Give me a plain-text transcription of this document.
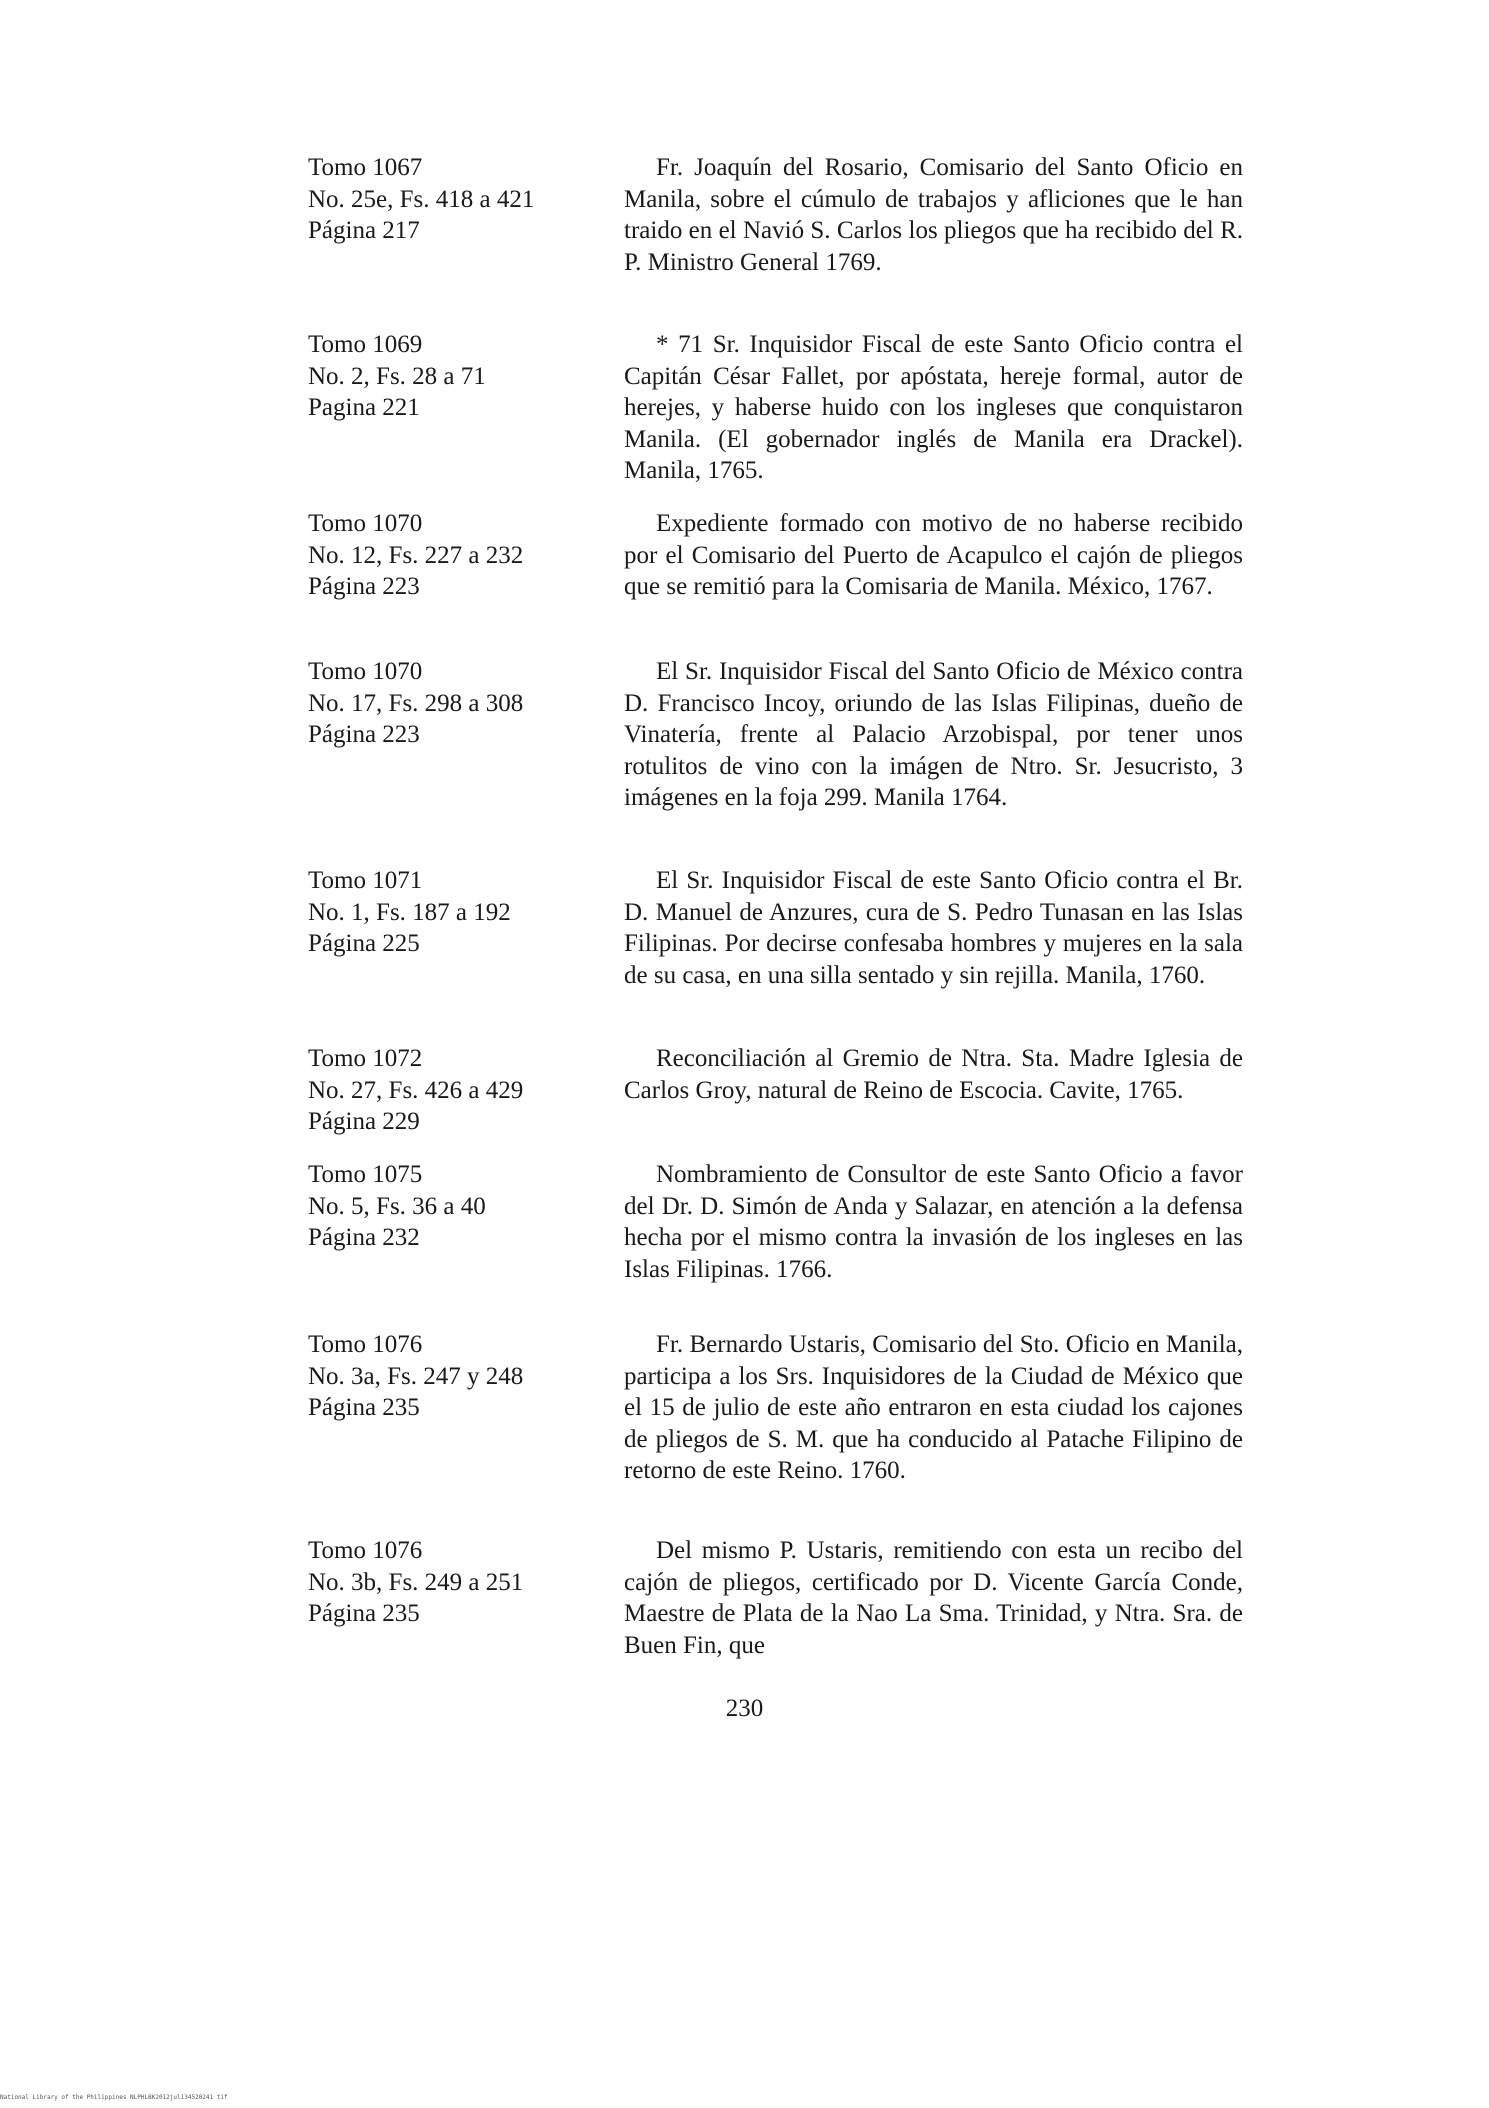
Tomo 1067
No. 25e, Fs. 418 a 421
Página 217
Fr. Joaquín del Rosario, Comisario del Santo Oficio en Manila, sobre el cúmulo de trabajos y afliciones que le han traido en el Navió S. Carlos los pliegos que ha recibido del R. P. Ministro General 1769.
Tomo 1069
No. 2, Fs. 28 a 71
Pagina 221
* 71 Sr. Inquisidor Fiscal de este Santo Oficio contra el Capitán César Fallet, por apóstata, hereje formal, autor de herejes, y haberse huido con los ingleses que conquistaron Manila. (El gobernador inglés de Manila era Drackel). Manila, 1765.
Tomo 1070
No. 12, Fs. 227 a 232
Página 223
Expediente formado con motivo de no haberse recibido por el Comisario del Puerto de Acapulco el cajón de pliegos que se remitió para la Comisaria de Manila. México, 1767.
Tomo 1070
No. 17, Fs. 298 a 308
Página 223
El Sr. Inquisidor Fiscal del Santo Oficio de México contra D. Francisco Incoy, oriundo de las Islas Filipinas, dueño de Vinatería, frente al Palacio Arzobispal, por tener unos rotulitos de vino con la imágen de Ntro. Sr. Jesucristo, 3 imágenes en la foja 299. Manila 1764.
Tomo 1071
No. 1, Fs. 187 a 192
Página 225
El Sr. Inquisidor Fiscal de este Santo Oficio contra el Br. D. Manuel de Anzures, cura de S. Pedro Tunasan en las Islas Filipinas. Por decirse confesaba hombres y mujeres en la sala de su casa, en una silla sentado y sin rejilla. Manila, 1760.
Tomo 1072
No. 27, Fs. 426 a 429
Página 229
Reconciliación al Gremio de Ntra. Sta. Madre Iglesia de Carlos Groy, natural de Reino de Escocia. Cavite, 1765.
Tomo 1075
No. 5, Fs. 36 a 40
Página 232
Nombramiento de Consultor de este Santo Oficio a favor del Dr. D. Simón de Anda y Salazar, en atención a la defensa hecha por el mismo contra la invasión de los ingleses en las Islas Filipinas. 1766.
Tomo 1076
No. 3a, Fs. 247 y 248
Página 235
Fr. Bernardo Ustaris, Comisario del Sto. Oficio en Manila, participa a los Srs. Inquisidores de la Ciudad de México que el 15 de julio de este año entraron en esta ciudad los cajones de pliegos de S. M. que ha conducido al Patache Filipino de retorno de este Reino. 1760.
Tomo 1076
No. 3b, Fs. 249 a 251
Página 235
Del mismo P. Ustaris, remitiendo con esta un recibo del cajón de pliegos, certificado por D. Vicente García Conde, Maestre de Plata de la Nao La Sma. Trinidad, y Ntra. Sra. de Buen Fin, que
230
National Library of the Philippines NLPHLBK2012jul134520241 tif
